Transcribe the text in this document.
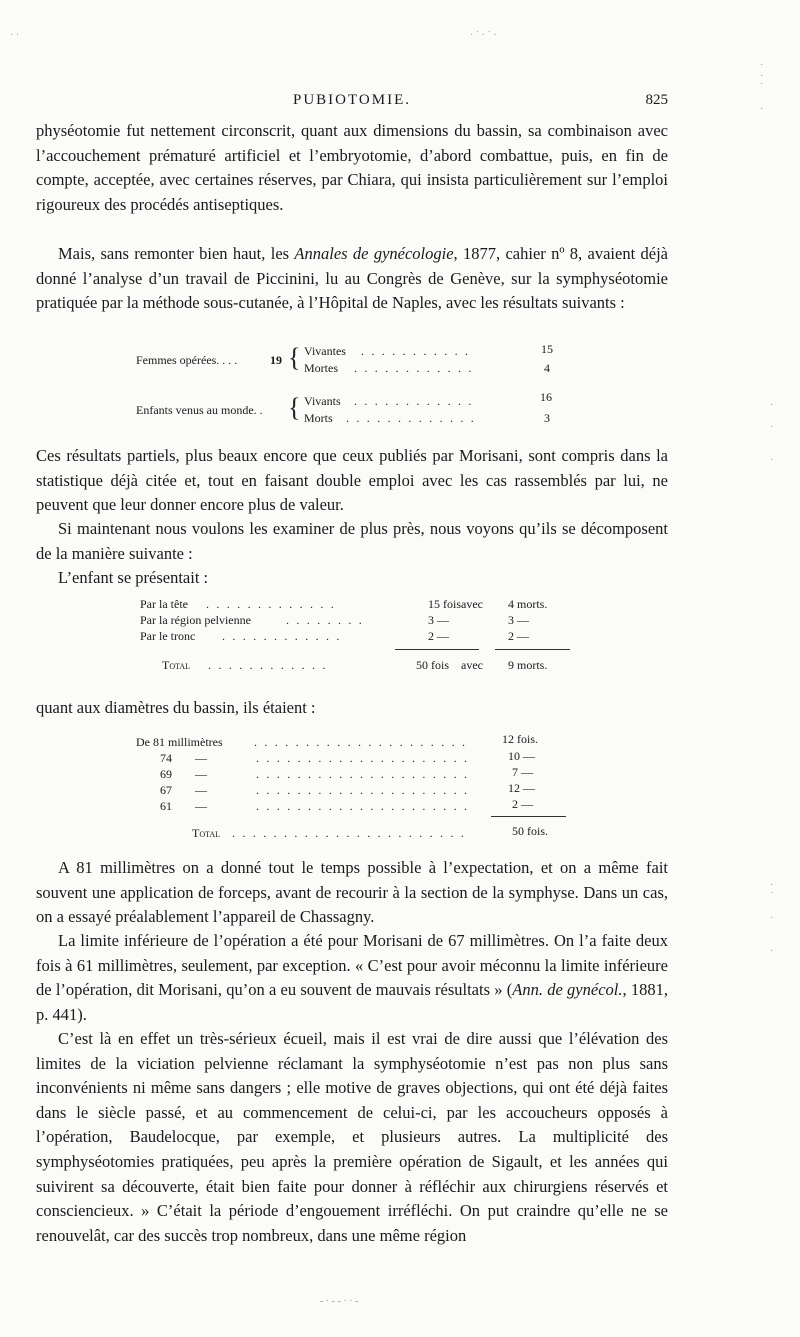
· ·	· ˙ · ˙ ·
·
·
˙

·
·

·

·
·
˙

·

·
- · - - · · -
PUBIOTOMIE.	825

physéotomie fut nettement circonscrit, quant aux dimensions du bassin, sa combinaison avec l’accouchement prématuré artificiel et l’embryotomie, d’abord combattue, puis, en fin de compte, acceptée, avec certaines réserves, par Chiara, qui insista particulièrement sur l’emploi rigoureux des procédés antiseptiques.

Mais, sans remonter bien haut, les Annales de gynécologie, 1877, cahier nº 8, avaient déjà donné l’analyse d’un travail de Piccinini, lu au Congrès de Genève, sur la symphyséotomie pratiquée par la méthode sous-cutanée, à l’Hôpital de Naples, avec les résultats suivants :

Femmes opérées. . . .	19 { Vivantes . . . . . . . . . . .	15
Mortes . . . . . . . . . . . .	4
Enfants venus au monde. . { Vivants . . . . . . . . . . . .	16
Morts . . . . . . . . . . . . .	3

Ces résultats partiels, plus beaux encore que ceux publiés par Morisani, sont compris dans la statistique déjà citée et, tout en faisant double emploi avec les cas rassemblés par lui, ne peuvent que leur donner encore plus de valeur.

Si maintenant nous voulons les examiner de plus près, nous voyons qu’ils se décomposent de la manière suivante :

L’enfant se présentait :

Par la tête . . . . . . . . . . . . .	15 fois avec 4 morts.
Par la région pelvienne	. . . . . . . .	3 —	3 —
Par le tronc . . . . . . . . . . . .	2 —	2 —
Total . . . . . . . . . . . .	50 fois avec 9 morts.

quant aux diamètres du bassin, ils étaient :

De 81 millimètres	. . . . . . . . . . . . . . . . . . . . .	12 fois.
74 —	. . . . . . . . . . . . . . . . . . . . .	10 —
69 —	. . . . . . . . . . . . . . . . . . . . .	7 —
67 —	. . . . . . . . . . . . . . . . . . . . .	12 —
61 —	. . . . . . . . . . . . . . . . . . . . .	2 —
Total . . . . . . . . . . . . . . . . . . . . . . .	50 fois.

A 81 millimètres on a donné tout le temps possible à l’expectation, et on a même fait souvent une application de forceps, avant de recourir à la section de la symphyse. Dans un cas, on a essayé préalablement l’appareil de Chassagny.

La limite inférieure de l’opération a été pour Morisani de 67 millimètres. On l’a faite deux fois à 61 millimètres, seulement, par exception. « C’est pour avoir méconnu la limite inférieure de l’opération, dit Morisani, qu’on a eu souvent de mauvais résultats » (Ann. de gynécol., 1881, p. 441).

C’est là en effet un très-sérieux écueil, mais il est vrai de dire aussi que l’élévation des limites de la viciation pelvienne réclamant la symphyséotomie n’est pas non plus sans inconvénients ni même sans dangers ; elle motive de graves objections, qui ont été déjà faites dans le siècle passé, et au commencement de celui-ci, par les accoucheurs opposés à l’opération, Baudelocque, par exemple, et plusieurs autres. La multiplicité des symphyséotomies pratiquées, peu après la première opération de Sigault, et les années qui suivirent sa découverte, était bien faite pour donner à réfléchir aux chirurgiens réservés et consciencieux. » C’était la période d’engouement irréfléchi. On put craindre qu’elle ne se renouvelât, car des succès trop nombreux, dans une même région
